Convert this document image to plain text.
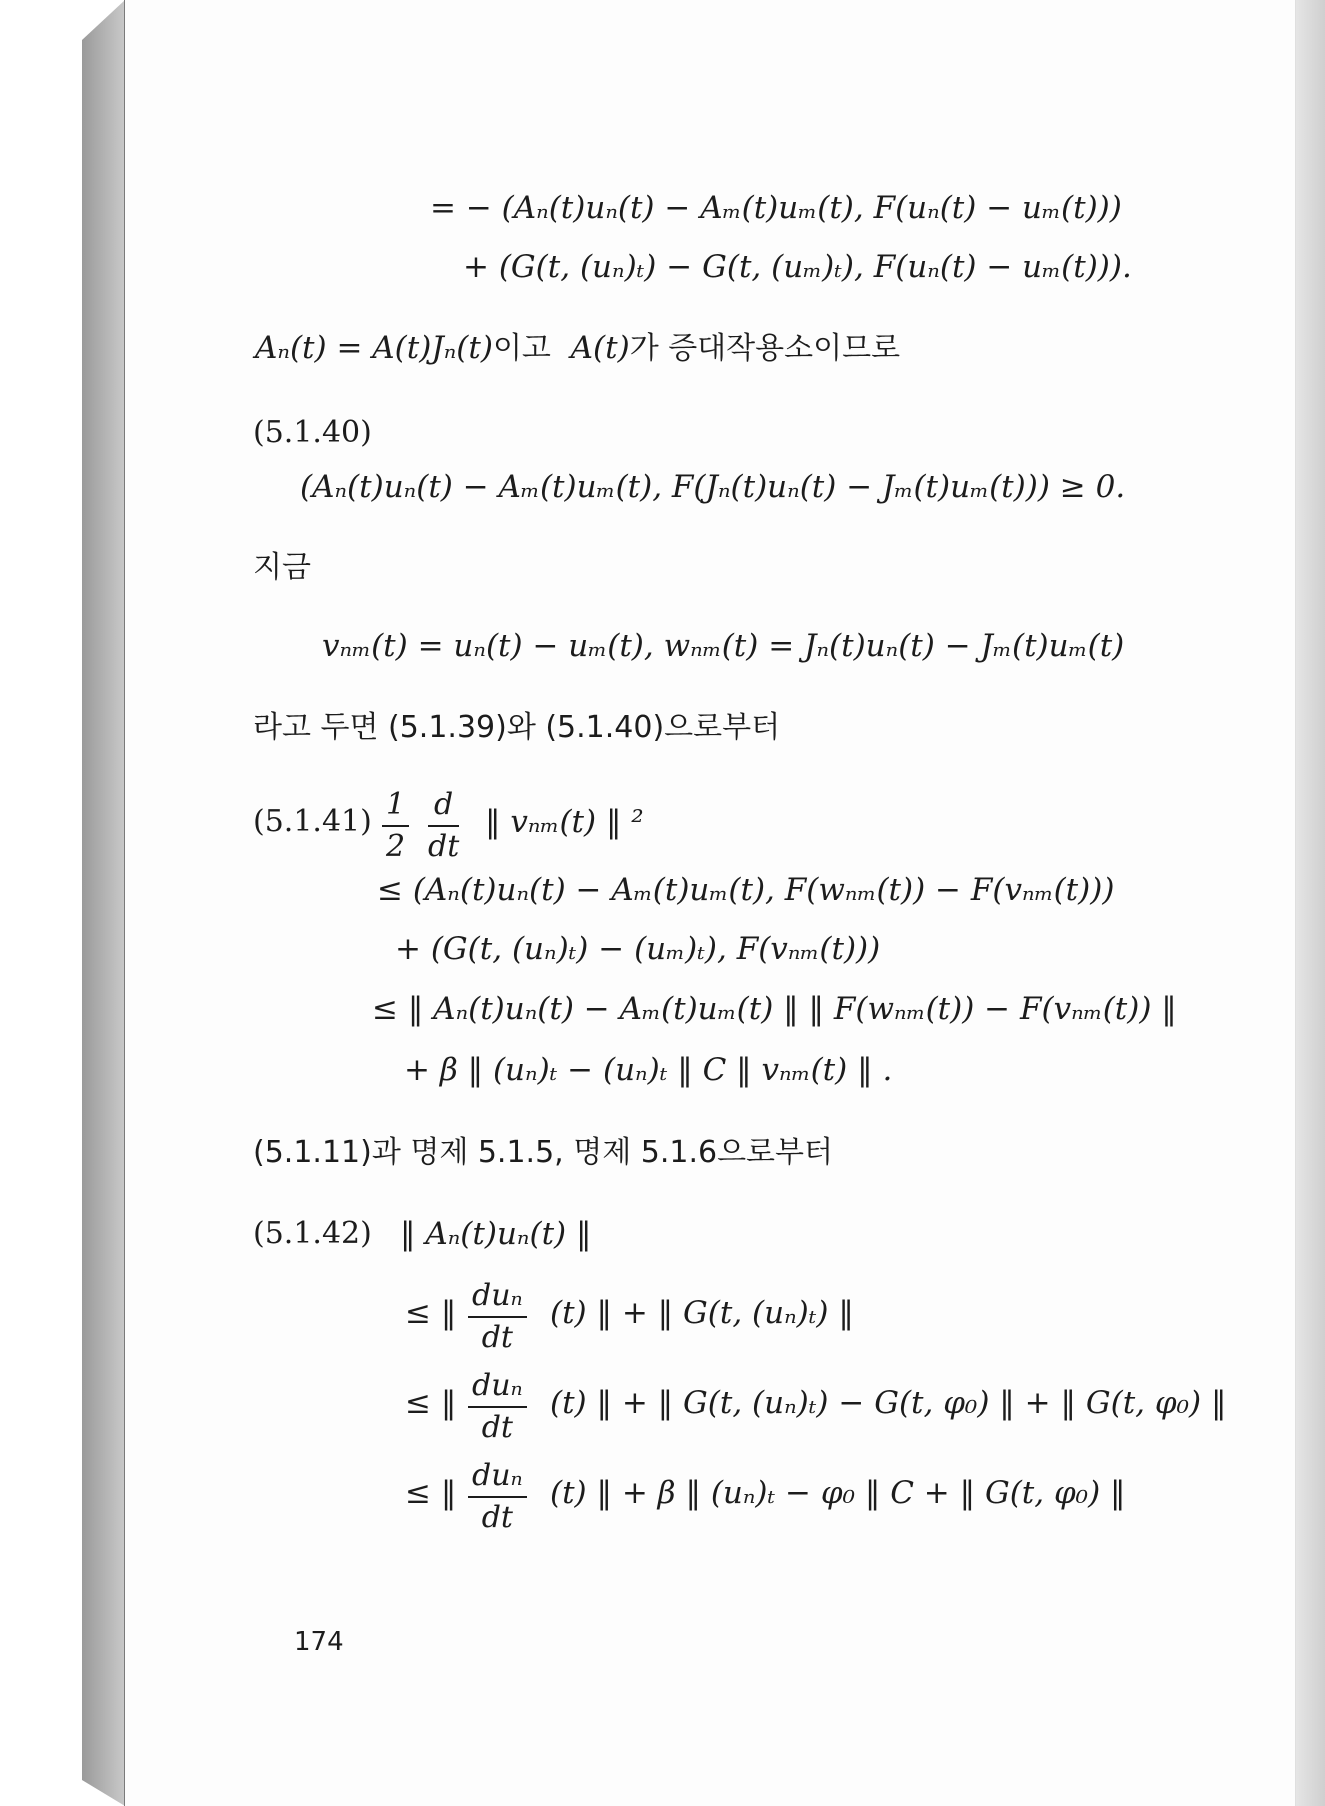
= − (Aₙ(t)uₙ(t) − Aₘ(t)uₘ(t), F(uₙ(t) − uₘ(t)))
+ (G(t, (uₙ)ₜ) − G(t, (uₘ)ₜ), F(uₙ(t) − uₘ(t))).
Aₙ(t) = A(t)Jₙ(t)이고 A(t)가 증대작용소이므로
(5.1.40)
(Aₙ(t)uₙ(t) − Aₘ(t)uₘ(t), F(Jₙ(t)uₙ(t) − Jₘ(t)uₘ(t))) ≥ 0.
지금
vₙₘ(t) = uₙ(t) − uₘ(t), wₙₘ(t) = Jₙ(t)uₙ(t) − Jₘ(t)uₘ(t)
라고 두면 (5.1.39)와 (5.1.40)으로부터
(5.1.41) 1
2
d
dt
‖ vₙₘ(t) ‖ ²
≤ (Aₙ(t)uₙ(t) − Aₘ(t)uₘ(t), F(wₙₘ(t)) − F(vₙₘ(t)))
+ (G(t, (uₙ)ₜ) − (uₘ)ₜ), F(vₙₘ(t)))
≤ ‖ Aₙ(t)uₙ(t) − Aₘ(t)uₘ(t) ‖ ‖ F(wₙₘ(t)) − F(vₙₘ(t)) ‖
+ β ‖ (uₙ)ₜ − (uₙ)ₜ ‖ C ‖ vₙₘ(t) ‖ .
(5.1.11)과 명제 5.1.5, 명제 5.1.6으로부터
(5.1.42) ‖ Aₙ(t)uₙ(t) ‖
≤ ‖ duₙ
dt
(t) ‖ + ‖ G(t, (uₙ)ₜ) ‖
≤ ‖ duₙ
dt
(t) ‖ + ‖ G(t, (uₙ)ₜ) − G(t, φ₀) ‖ + ‖ G(t, φ₀) ‖
≤ ‖ duₙ
dt
(t) ‖ + β ‖ (uₙ)ₜ − φ₀ ‖ C + ‖ G(t, φ₀) ‖
174
